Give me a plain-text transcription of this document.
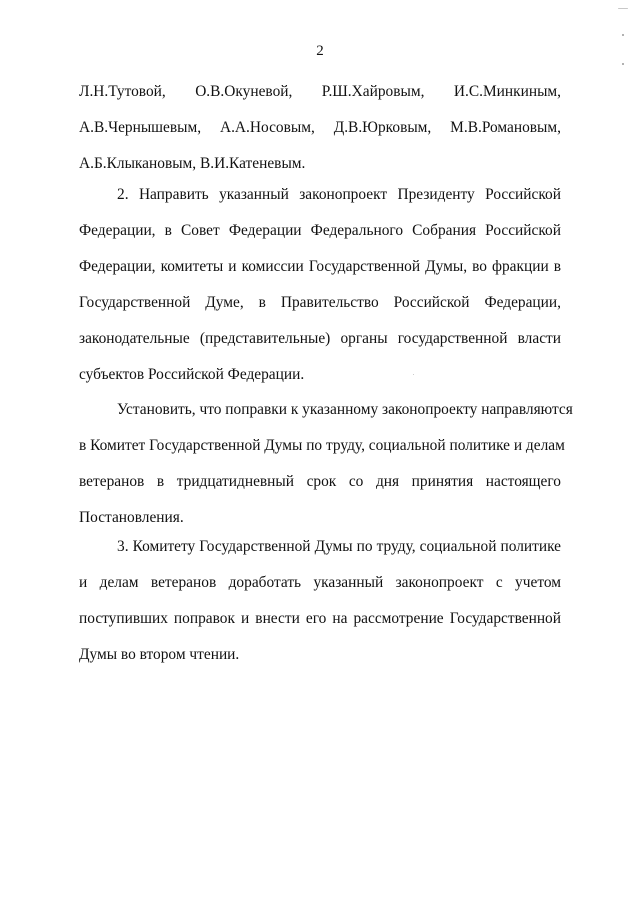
2
Л.Н.Тутовой, О.В.Окуневой, Р.Ш.Хайровым, И.С.Минкиным,
А.В.Чернышевым, А.А.Носовым, Д.В.Юрковым, М.В.Романовым,
А.Б.Клыкановым, В.И.Катеневым.
2. Направить указанный законопроект Президенту Российской
Федерации, в Совет Федерации Федерального Собрания Российской
Федерации, комитеты и комиссии Государственной Думы, во фракции в
Государственной Думе, в Правительство Российской Федерации,
законодательные (представительные) органы государственной власти
субъектов Российской Федерации.
Установить, что поправки к указанному законопроекту направляются
в Комитет Государственной Думы по труду, социальной политике и делам
ветеранов в тридцатидневный срок со дня принятия настоящего
Постановления.
3. Комитету Государственной Думы по труду, социальной политике
и делам ветеранов доработать указанный законопроект с учетом
поступивших поправок и внести его на рассмотрение Государственной
Думы во втором чтении.
